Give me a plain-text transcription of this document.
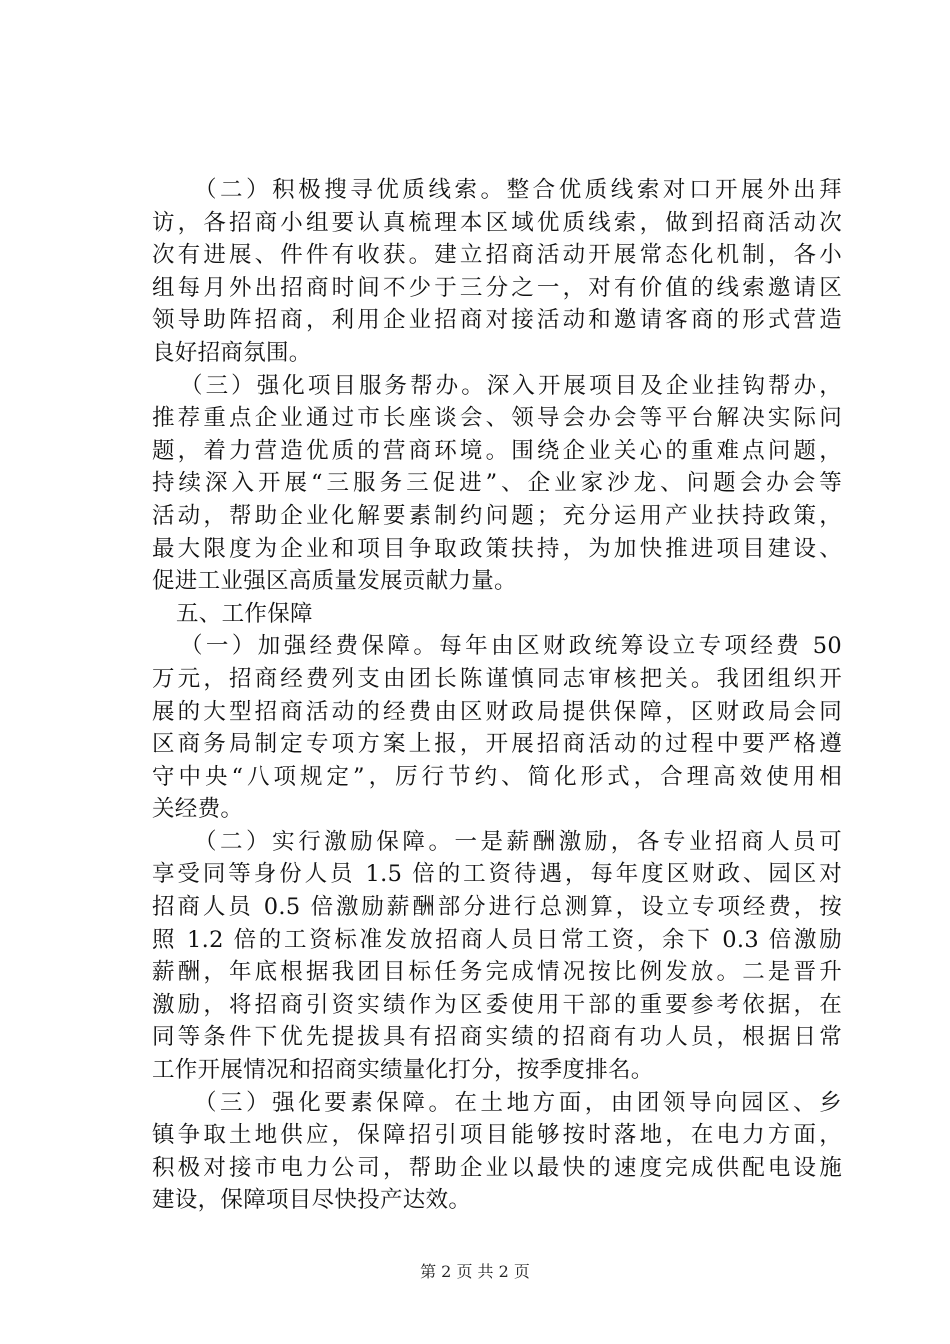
（二）积极搜寻优质线索。整合优质线索对口开展外出拜
访，各招商小组要认真梳理本区域优质线索，做到招商活动次
次有进展、件件有收获。建立招商活动开展常态化机制，各小
组每月外出招商时间不少于三分之一，对有价值的线索邀请区
领导助阵招商，利用企业招商对接活动和邀请客商的形式营造
良好招商氛围。
（三）强化项目服务帮办。深入开展项目及企业挂钩帮办，
推荐重点企业通过市长座谈会、领导会办会等平台解决实际问
题，着力营造优质的营商环境。围绕企业关心的重难点问题，
持续深入开展“三服务三促进”、企业家沙龙、问题会办会等
活动，帮助企业化解要素制约问题；充分运用产业扶持政策，
最大限度为企业和项目争取政策扶持，为加快推进项目建设、
促进工业强区高质量发展贡献力量。
五、工作保障
（一）加强经费保障。每年由区财政统筹设立专项经费 50
万元，招商经费列支由团长陈谨慎同志审核把关。我团组织开
展的大型招商活动的经费由区财政局提供保障，区财政局会同
区商务局制定专项方案上报，开展招商活动的过程中要严格遵
守中央“八项规定”，厉行节约、简化形式，合理高效使用相
关经费。
（二）实行激励保障。一是薪酬激励，各专业招商人员可
享受同等身份人员 1.5 倍的工资待遇，每年度区财政、园区对
招商人员 0.5 倍激励薪酬部分进行总测算，设立专项经费，按
照 1.2 倍的工资标准发放招商人员日常工资，余下 0.3 倍激励
薪酬，年底根据我团目标任务完成情况按比例发放。二是晋升
激励，将招商引资实绩作为区委使用干部的重要参考依据，在
同等条件下优先提拔具有招商实绩的招商有功人员，根据日常
工作开展情况和招商实绩量化打分，按季度排名。
（三）强化要素保障。在土地方面，由团领导向园区、乡
镇争取土地供应，保障招引项目能够按时落地，在电力方面，
积极对接市电力公司，帮助企业以最快的速度完成供配电设施
建设，保障项目尽快投产达效。
第 2 页 共 2 页
